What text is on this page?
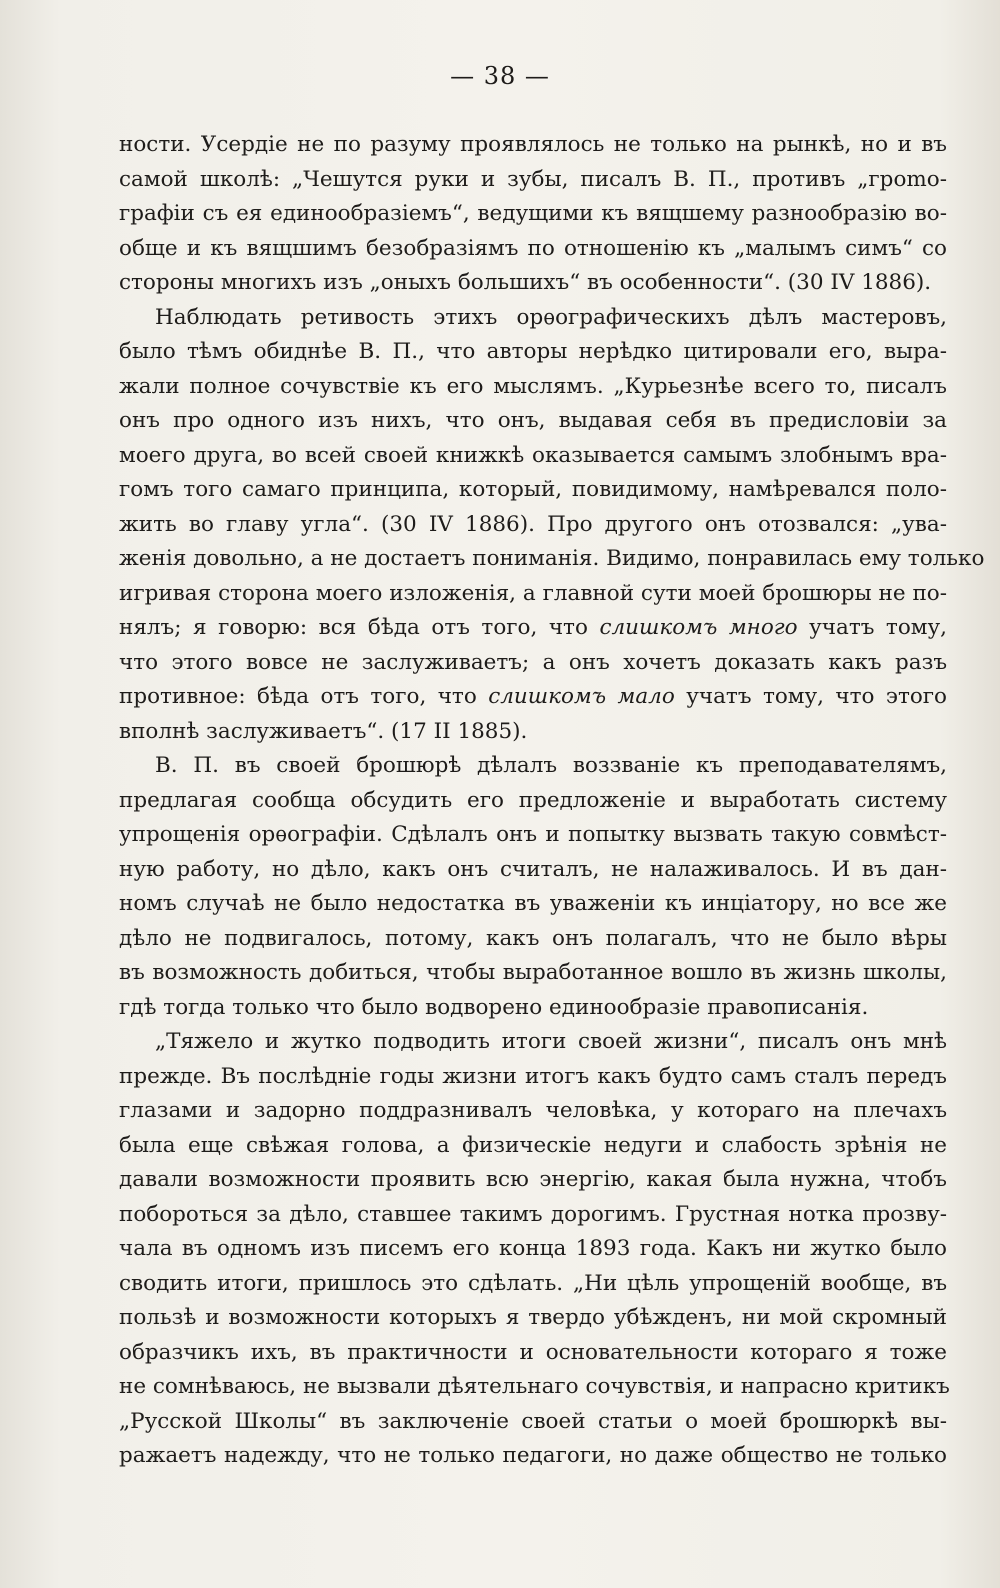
— 38 —
ности. Усердіе не по разуму проявлялось не только на рынкѣ, но и въ
самой школѣ: „Чешутся руки и зубы, писалъ В. П., противъ „гроmо-
графіи съ ея единообразіемъ“, ведущими къ вящшему разнообразію во-
обще и къ вящшимъ безобразіямъ по отношенію къ „малымъ симъ“ со
стороны многихъ изъ „оныхъ большихъ“ въ особенности“. (30 IV 1886).
Наблюдать ретивость этихъ орѳографическихъ дѣлъ мастеровъ,
было тѣмъ обиднѣе В. П., что авторы нерѣдко цитировали его, выра-
жали полное сочувствіе къ его мыслямъ. „Курьезнѣе всего то, писалъ
онъ про одного изъ нихъ, что онъ, выдавая себя въ предисловіи за
моего друга, во всей своей книжкѣ оказывается самымъ злобнымъ вра-
гомъ того самаго принципа, который, повидимому, намѣревался поло-
жить во главу угла“. (30 IV 1886). Про другого онъ отозвался: „ува-
женія довольно, а не достаетъ пониманія. Видимо, понравилась ему только
игривая сторона моего изложенія, а главной сути моей брошюры не по-
нялъ; я говорю: вся бѣда отъ того, что слишкомъ много учатъ тому,
что этого вовсе не заслуживаетъ; а онъ хочетъ доказать какъ разъ
противное: бѣда отъ того, что слишкомъ мало учатъ тому, что этого
вполнѣ заслуживаетъ“. (17 II 1885).
В. П. въ своей брошюрѣ дѣлалъ воззваніе къ преподавателямъ,
предлагая сообща обсудить его предложеніе и выработать систему
упрощенія орѳографіи. Сдѣлалъ онъ и попытку вызвать такую совмѣст-
ную работу, но дѣло, какъ онъ считалъ, не налаживалось. И въ дан-
номъ случаѣ не было недостатка въ уваженіи къ инціатору, но все же
дѣло не подвигалось, потому, какъ онъ полагалъ, что не было вѣры
въ возможность добиться, чтобы выработанное вошло въ жизнь школы,
гдѣ тогда только что было водворено единообразіе правописанія.
„Тяжело и жутко подводить итоги своей жизни“, писалъ онъ мнѣ
прежде. Въ послѣдніе годы жизни итогъ какъ будто самъ сталъ передъ
глазами и задорно поддразнивалъ человѣка, у котораго на плечахъ
была еще свѣжая голова, а физическіе недуги и слабость зрѣнія не
давали возможности проявить всю энергію, какая была нужна, чтобъ
побороться за дѣло, ставшее такимъ дорогимъ. Грустная нотка прозву-
чала въ одномъ изъ писемъ его конца 1893 года. Какъ ни жутко было
сводить итоги, пришлось это сдѣлать. „Ни цѣль упрощеній вообще, въ
пользѣ и возможности которыхъ я твердо убѣжденъ, ни мой скромный
образчикъ ихъ, въ практичности и основательности котораго я тоже
не сомнѣваюсь, не вызвали дѣятельнаго сочувствія, и напрасно критикъ
„Русской Школы“ въ заключеніе своей статьи о моей брошюркѣ вы-
ражаетъ надежду, что не только педагоги, но даже общество не только
